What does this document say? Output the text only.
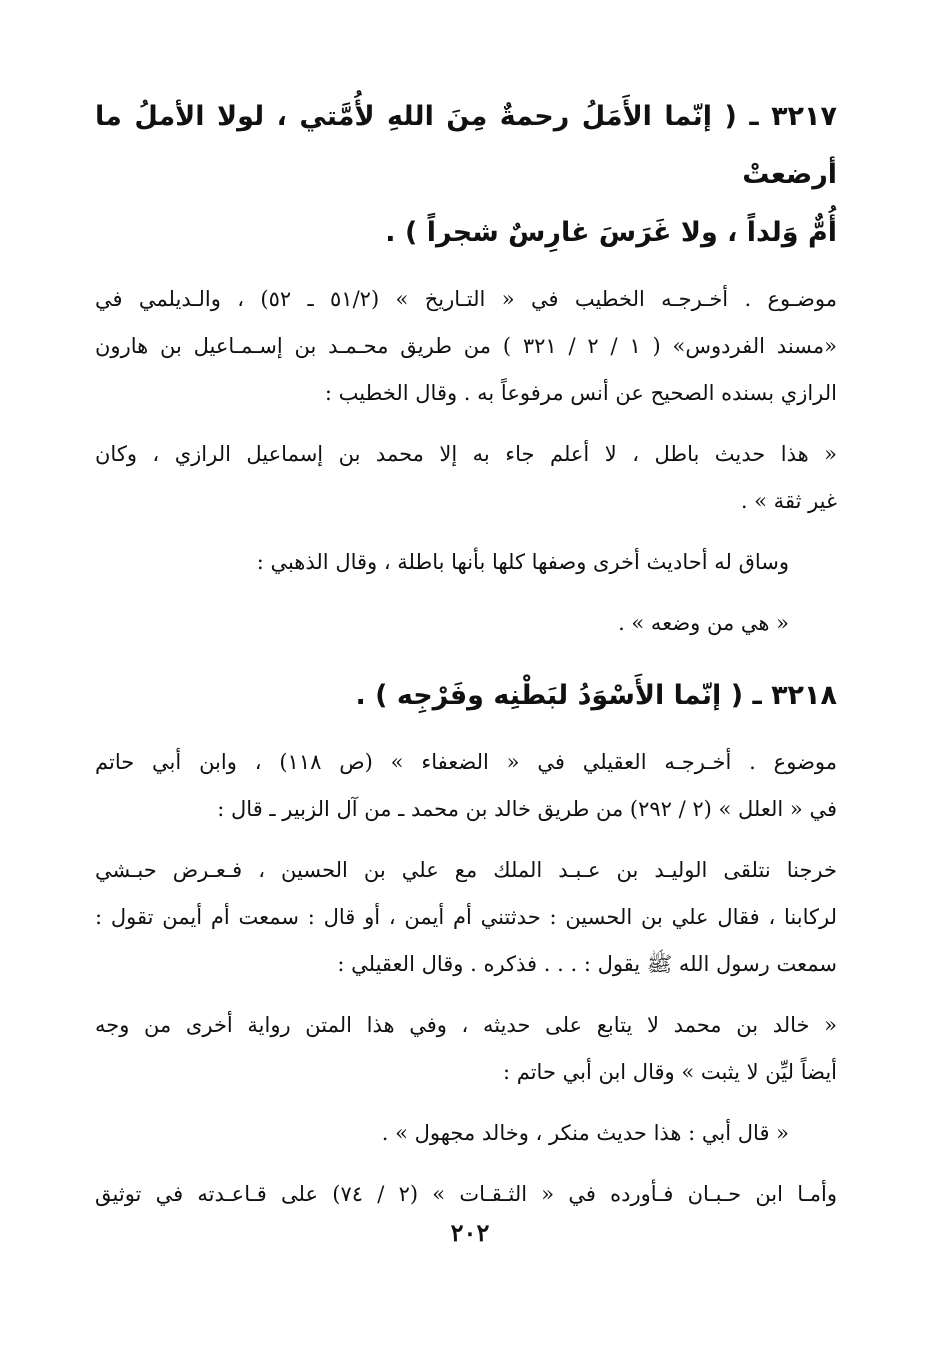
٣٢١٧ ـ ( إنّما الأَمَلُ رحمةٌ مِنَ اللهِ لأُمَّتي ، لولا الأملُ ما أرضعتْ
أُمٌّ وَلداً ، ولا غَرَسَ غارِسٌ شجراً ) .

موضـوع . أخـرجـه الخطيب في « التـاريخ » (٥١/٢ ـ ٥٢) ، والـديلمي في
«مسند الفردوس» ( ١ / ٢ / ٣٢١ ) من طريق محـمـد بن إسـمـاعيل بن هارون
الرازي بسنده الصحيح عن أنس مرفوعاً به . وقال الخطيب :

« هذا حديث باطل ، لا أعلم جاء به إلا محمد بن إسماعيل الرازي ، وكان
غير ثقة » .

وساق له أحاديث أخرى وصفها كلها بأنها باطلة ، وقال الذهبي :

« هي من وضعه » .

٣٢١٨ ـ ( إنّما الأَسْوَدُ لبَطْنِه وفَرْجِه ) .

موضوع . أخـرجـه العقيلي في « الضعفاء » (ص ١١٨) ، وابن أبي حاتم
في « العلل » (٢ / ٢٩٢) من طريق خالد بن محمد ـ من آل الزبير ـ قال :

خرجنا نتلقى الوليـد بن عـبـد الملك مع علي بن الحسين ، فـعـرض حبـشي
لركابنا ، فقال علي بن الحسين : حدثتني أم أيمن ، أو قال : سمعت أم أيمن تقول :
سمعت رسول الله ﷺ يقول : . . . فذكره . وقال العقيلي :

« خالد بن محمد لا يتابع على حديثه ، وفي هذا المتن رواية أخرى من وجه
أيضاً ليِّن لا يثبت » وقال ابن أبي حاتم :

« قال أبي : هذا حديث منكر ، وخالد مجهول » .

وأمـا ابن حـبـان فـأورده في « الثـقـات » (٢ / ٧٤) على قـاعـدته في توثيق

٢٠٢
